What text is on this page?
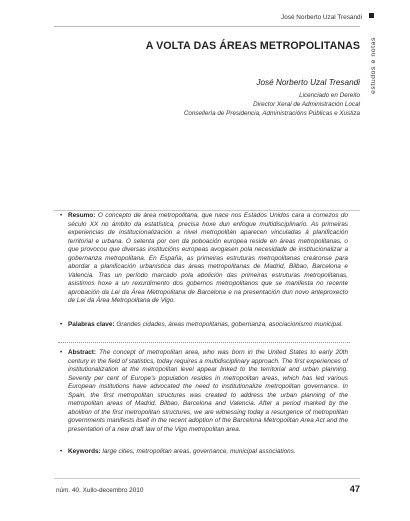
José Norberto Uzal Tresandi
estudos e notas
A VOLTA DAS ÁREAS METROPOLITANAS
José Norberto Uzal Tresandi
Licenciado en Dereito
Director Xeral de Administración Local
Consellería de Presidencia, Administracións Públicas e Xustiza
• Resumo: O concepto de área metropolitana, que nace nos Estados Unidos cara a comezos do século XX no ámbito da estatística, precisa hoxe dun enfoque multidisciplinario. As primeiras experiencias de institucionalización a nivel metropolitán aparecen vinculadas á planificación territorial e urbana. O setenta por cen da poboación europea reside en áreas metropolitanas, o que provocou que diversas institucións europeas avogasen pola necesidade de institucionalizar a gobernanza metropolitana. En España, as primeiras estruturas metropolitanas creáronse para abordar a planificación urbanística das áreas metropolitanas de Madrid, Bilbao, Barcelona e Valencia. Tras un período marcado pola abolición das primeiras estruturas metropolitanas, asistimos hoxe a un rexurdimento dos gobernos metropolitanos que se manifesta no recente aprobación da Lei da Área Metropolitana de Barcelona e na presentación dun novo anteproxecto de Lei da Área Metropolitana de Vigo.
• Palabras clave: Grandes cidades, áreas metropolitanas, gobernanza, asociacionismo municipal.
• Abstract: The concept of metropolitan area, who was born in the United States to early 20th century in the field of statistics, today requires a multidisciplinary approach. The first experiences of institutionalization at the metropolitan level appear linked to the territorial and urban planning. Seventy per cent of Europe's population resides in metropolitan areas, which has led various European institutions have advocated the need to institutionalize metropolitan governance. In Spain, the first metropolitan structures was created to address the urban planning of the metropolitan areas of Madrid, Bilbao, Barcelona and Valencia. After a period marked by the abolition of the first metropolitan structures, we are witnessing today a resurgence of metropolitan governments manifests itself in the recent adoption of the Barcelona Metropolitan Area Act and the presentation of a new draft law of the Vigo metropolitan area.
• Keywords: large cities, metropolitan areas, governance, municipal associations.
núm. 40. Xullo-decembro 2010	47
